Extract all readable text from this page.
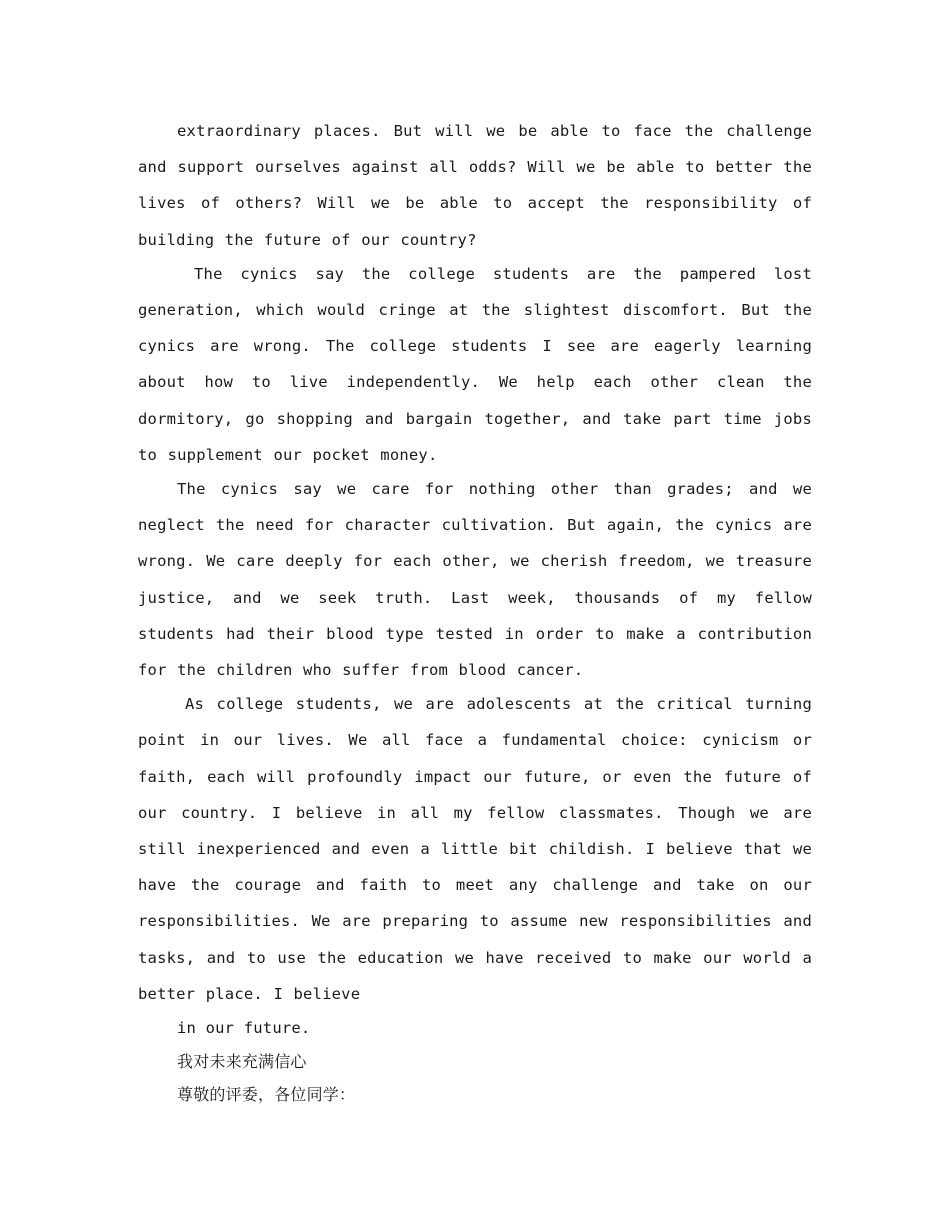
extraordinary places. But will we be able to face the challenge and support ourselves against all odds? Will we be able to better the lives of others? Will we be able to accept the responsibility of building the future of our country?

The cynics say the college students are the pampered lost generation, which would cringe at the slightest discomfort. But the cynics are wrong. The college students I see are eagerly learning about how to live independently. We help each other clean the dormitory, go shopping and bargain together, and take part time jobs to supplement our pocket money.

The cynics say we care for nothing other than grades; and we neglect the need for character cultivation. But again, the cynics are wrong. We care deeply for each other, we cherish freedom, we treasure justice, and we seek truth. Last week, thousands of my fellow students had their blood type tested in order to make a contribution for the children who suffer from blood cancer.

As college students, we are adolescents at the critical turning point in our lives. We all face a fundamental choice: cynicism or faith, each will profoundly impact our future, or even the future of our country. I believe in all my fellow classmates. Though we are still inexperienced and even a little bit childish. I believe that we have the courage and faith to meet any challenge and take on our responsibilities. We are preparing to assume new responsibilities and tasks, and to use the education we have received to make our world a better place. I believe

in our future.

我对未来充满信心

尊敬的评委，各位同学：
